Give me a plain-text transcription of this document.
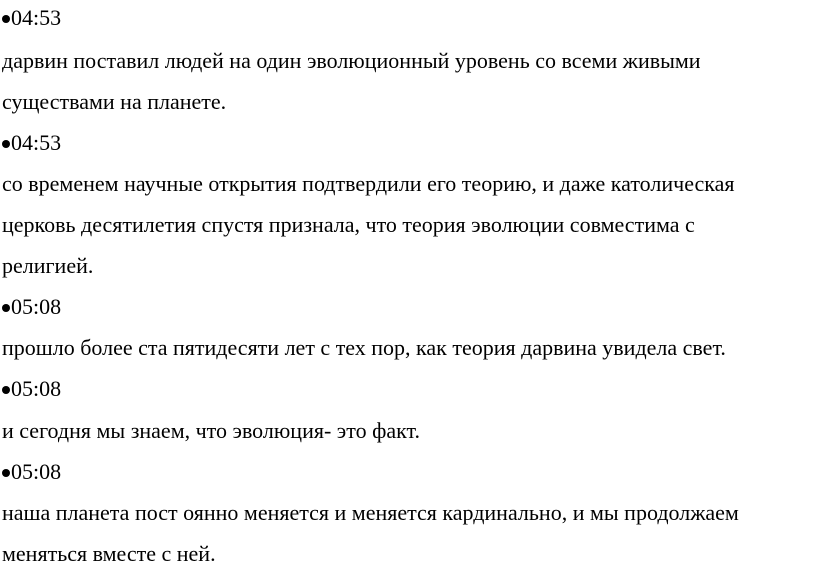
04:53
дарвин поставил людей на один эволюционный уровень со всеми живыми
существами на планете.
04:53
со временем научные открытия подтвердили его теорию, и даже католическая
церковь десятилетия спустя признала, что теория эволюции совместима с
религией.
05:08
прошло более ста пятидесяти лет с тех пор, как теория дарвина увидела свет.
05:08
и сегодня мы знаем, что эволюция- это факт.
05:08
наша планета пост оянно меняется и меняется кардинально, и мы продолжаем
меняться вместе с ней.
